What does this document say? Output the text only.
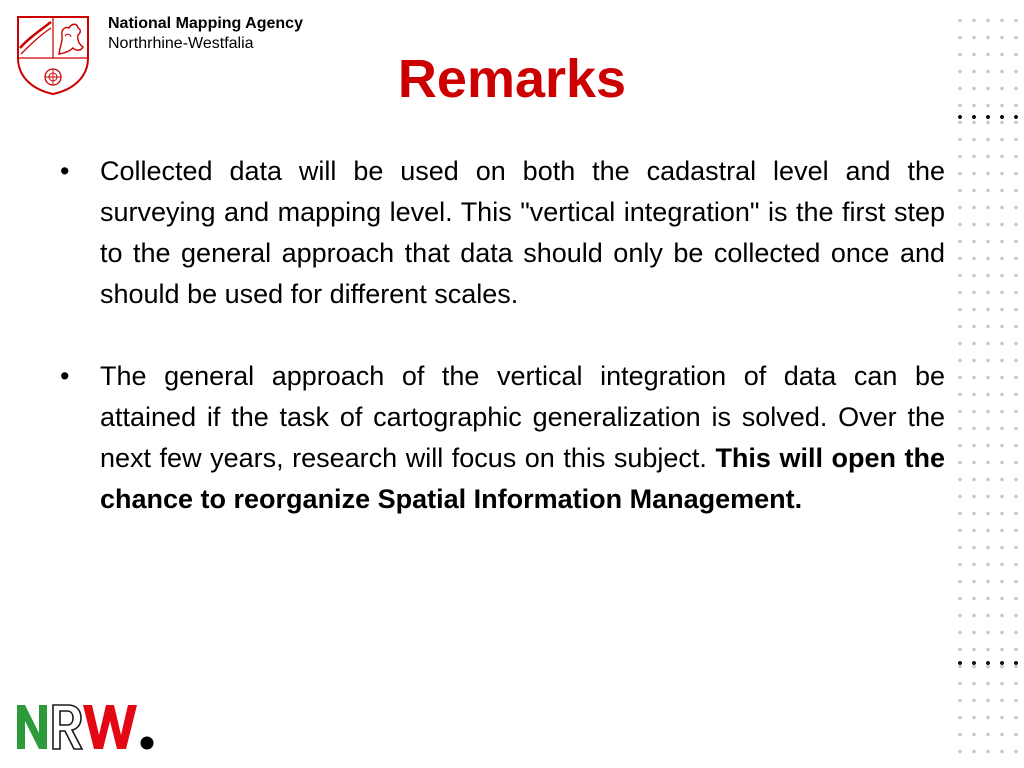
National Mapping Agency
Northrhine-Westfalia
Remarks

• Collected data will be used on both the cadastral level and the surveying and mapping level. This "vertical integration" is the first step to the general approach that data should only be collected once and should be used for different scales.

• The general approach of the vertical integration of data can be attained if the task of cartographic generalization is solved. Over the next few years, research will focus on this subject. This will open the chance to reorganize Spatial Information Management.
